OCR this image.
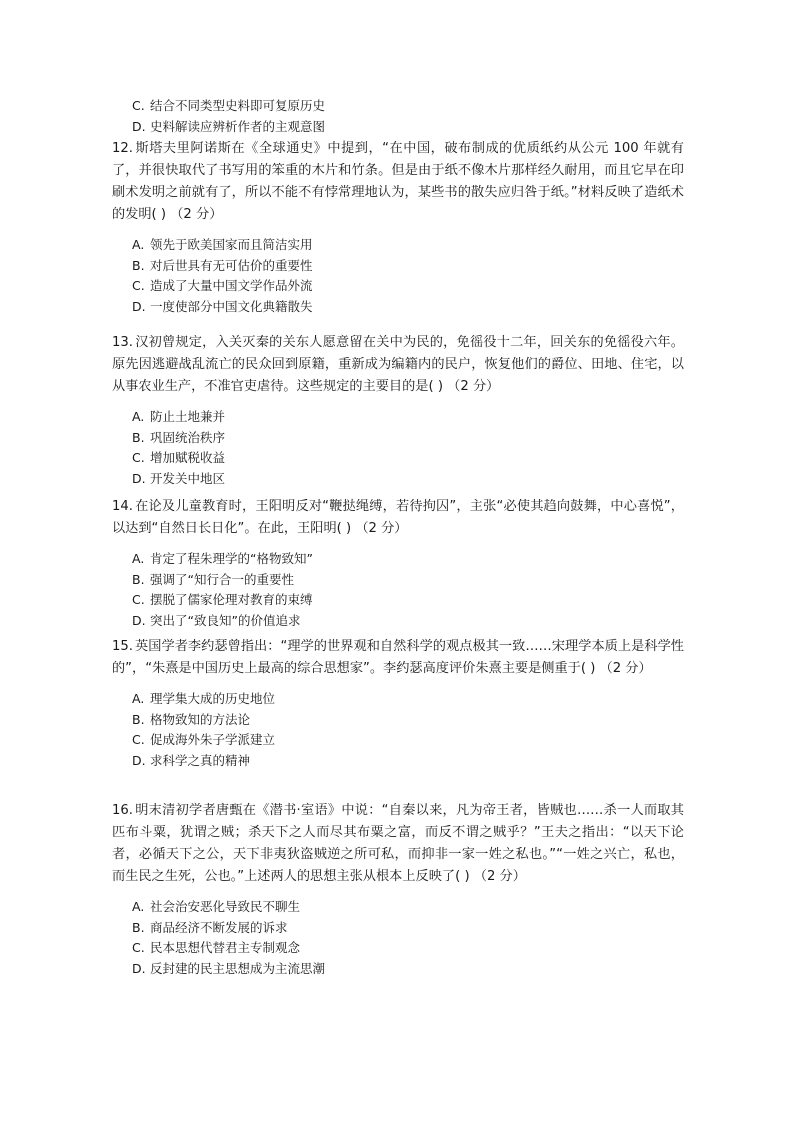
C. 结合不同类型史料即可复原历史
D. 史料解读应辨析作者的主观意图
12. 斯塔夫里阿诺斯在《全球通史》中提到，“在中国，破布制成的优质纸约从公元 100 年就有了，并很快取代了书写用的笨重的木片和竹条。但是由于纸不像木片那样经久耐用，而且它早在印刷术发明之前就有了，所以不能不有悖常理地认为，某些书的散失应归咎于纸。”材料反映了造纸术的发明( ) （2 分）
A. 领先于欧美国家而且简洁实用
B. 对后世具有无可估价的重要性
C. 造成了大量中国文学作品外流
D. 一度使部分中国文化典籍散失
13. 汉初曾规定，入关灭秦的关东人愿意留在关中为民的，免徭役十二年，回关东的免徭役六年。原先因逃避战乱流亡的民众回到原籍，重新成为编籍内的民户，恢复他们的爵位、田地、住宅，以从事农业生产，不准官吏虐待。这些规定的主要目的是( ) （2 分）
A. 防止土地兼并
B. 巩固统治秩序
C. 增加赋税收益
D. 开发关中地区
14. 在论及儿童教育时，王阳明反对“鞭挞绳缚，若待拘囚”，主张“必使其趋向鼓舞，中心喜悦”，以达到“自然日长日化”。在此，王阳明( ) （2 分）
A. 肯定了程朱理学的“格物致知”
B. 强调了“知行合一的重要性
C. 摆脱了儒家伦理对教育的束缚
D. 突出了“致良知”的价值追求
15. 英国学者李约瑟曾指出：“理学的世界观和自然科学的观点极其一致……宋理学本质上是科学性的”，“朱熹是中国历史上最高的综合思想家”。李约瑟高度评价朱熹主要是侧重于( ) （2 分）
A. 理学集大成的历史地位
B. 格物致知的方法论
C. 促成海外朱子学派建立
D. 求科学之真的精神
16. 明末清初学者唐甄在《潜书·室语》中说：“自秦以来，凡为帝王者，皆贼也……杀一人而取其匹布斗粟，犹谓之贼；杀天下之人而尽其布粟之富，而反不谓之贼乎？”王夫之指出：“以天下论者，必循天下之公，天下非夷狄盗贼逆之所可私，而抑非一家一姓之私也。”“一姓之兴亡，私也，而生民之生死，公也。”上述两人的思想主张从根本上反映了( ) （2 分）
A. 社会治安恶化导致民不聊生
B. 商品经济不断发展的诉求
C. 民本思想代替君主专制观念
D. 反封建的民主思想成为主流思潮
